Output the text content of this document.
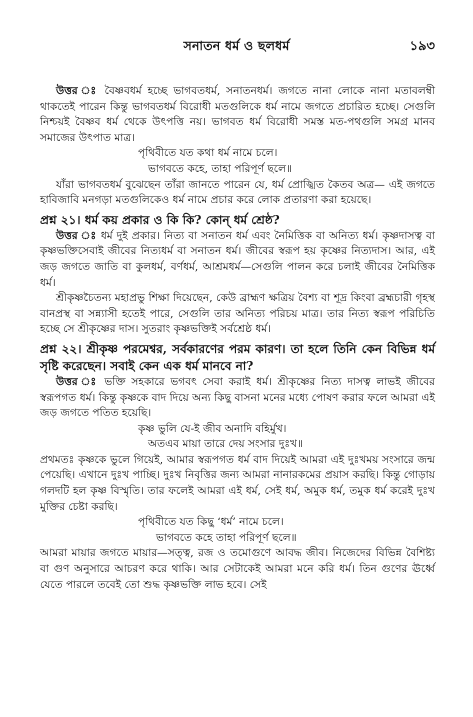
সনাতন ধর্ম ও ছলধর্ম	১৯৩

উত্তর ঃ বৈষ্ণবধর্ম হচ্ছে ভাগবতধর্ম, সনাতনধর্ম। জগতে নানা লোকে নানা মতাবলম্বী থাকতেই পারেন কিন্তু ভাগবতধর্ম বিরোধী মতগুলিকে ধর্ম নামে জগতে প্রচারিত হচ্ছে। সেগুলি নিশ্চয়ই বৈষ্ণব ধর্ম থেকে উৎপত্তি নয়। ভাগবত ধর্ম বিরোধী সমস্ত মত-পথগুলি সমগ্র মানব সমাজের উৎপাত মাত্র।

পৃথিবীতে যত কথা ধর্ম নামে চলে।
ভাগবতে কহে, তাহা পরিপূর্ণ ছলে॥

যাঁরা ভাগবতধর্ম বুঝেছেন তাঁরা জানতে পারেন যে, ধর্ম প্রোজ্ঝিত কৈতব অত্র— এই জগতে হাবিজাবি মনগড়া মতগুলিকেও ধর্ম নামে প্রচার করে লোক প্রতারণা করা হয়েছে।

প্রশ্ন ২১। ধর্ম কয় প্রকার ও কি কি? কোন্ ধর্ম শ্রেষ্ঠ?

উত্তর ঃ ধর্ম দুই প্রকার। নিত্য বা সনাতন ধর্ম এবং নৈমিত্তিক বা অনিত্য ধর্ম। কৃষ্ণদাসত্ব বা কৃষ্ণভক্তিসেবাই জীবের নিত্যধর্ম বা সনাতন ধর্ম। জীবের স্বরূপ হয় কৃষ্ণের নিত্যদাস। আর, এই জড় জগতে জাতি বা কুলধর্ম, বর্ণধর্ম, আশ্রমধর্ম—সেগুলি পালন করে চলাই জীবের নৈমিত্তিক ধর্ম।

শ্রীকৃষ্ণচৈতন্য মহাপ্রভু শিক্ষা দিয়েছেন, কেউ ব্রাহ্মণ ক্ষত্রিয় বৈশ্য বা শূদ্র কিংবা ব্রহ্মচারী গৃহস্থ বানপ্রস্থ বা সন্ন্যাসী হতেই পারে, সেগুলি তার অনিত্য পরিচয় মাত্র। তার নিত্য স্বরূপ পরিচিতি হচ্ছে সে শ্রীকৃষ্ণের দাস। সুতরাং কৃষ্ণভক্তিই সর্বশ্রেষ্ঠ ধর্ম।

প্রশ্ন ২২। শ্রীকৃষ্ণ পরমেশ্বর, সর্বকারণের পরম কারণ। তা হলে তিনি কেন বিভিন্ন ধর্ম সৃষ্টি করেছেন। সবাই কেন এক ধর্ম মানবে না?

উত্তর ঃ ভক্তি সহকারে ভগবৎ সেবা করাই ধর্ম। শ্রীকৃষ্ণের নিত্য দাসত্ব লাভই জীবের স্বরূপগত ধর্ম। কিন্তু কৃষ্ণকে বাদ দিয়ে অন্য কিছু বাসনা মনের মধ্যে পোষণ করার ফলে আমরা এই জড় জগতে পতিত হয়েছি।

কৃষ্ণ ভুলি যে-ই জীব অনাদি বহির্মুখ।
অতএব মায়া তারে দেয় সংসার দুঃখ॥

প্রথমতঃ কৃষ্ণকে ভুলে গিয়েই, আমার স্বরূপগত ধর্ম বাদ দিয়েই আমরা এই দুঃখময় সংসারে জন্ম পেয়েছি। এখানে দুঃখ পাচ্ছি। দুঃখ নিবৃত্তির জন্য আমরা নানারকমের প্রয়াস করছি। কিন্তু গোড়ায় গলদটি হল কৃষ্ণ বিস্মৃতি। তার ফলেই আমরা এই ধর্ম, সেই ধর্ম, অমুক ধর্ম, তমুক ধর্ম করেই দুঃখ মুক্তির চেষ্টা করছি।

পৃথিবীতে যত কিছু ‘ধর্ম’ নামে চলে।
ভাগবতে কহে তাহা পরিপূর্ণ ছলে॥

আমরা মায়ার জগতে মায়ার—সত্ত্ব, রজ ও তমোগুণে আবদ্ধ জীব। নিজেদের বিভিন্ন বৈশিষ্ট্য বা গুণ অনুসারে আচরণ করে থাকি। আর সেটাকেই আমরা মনে করি ধর্ম। তিন গুণের ঊর্ধ্বে যেতে পারলে তবেই তো শুদ্ধ কৃষ্ণভক্তি লাভ হবে। সেই
